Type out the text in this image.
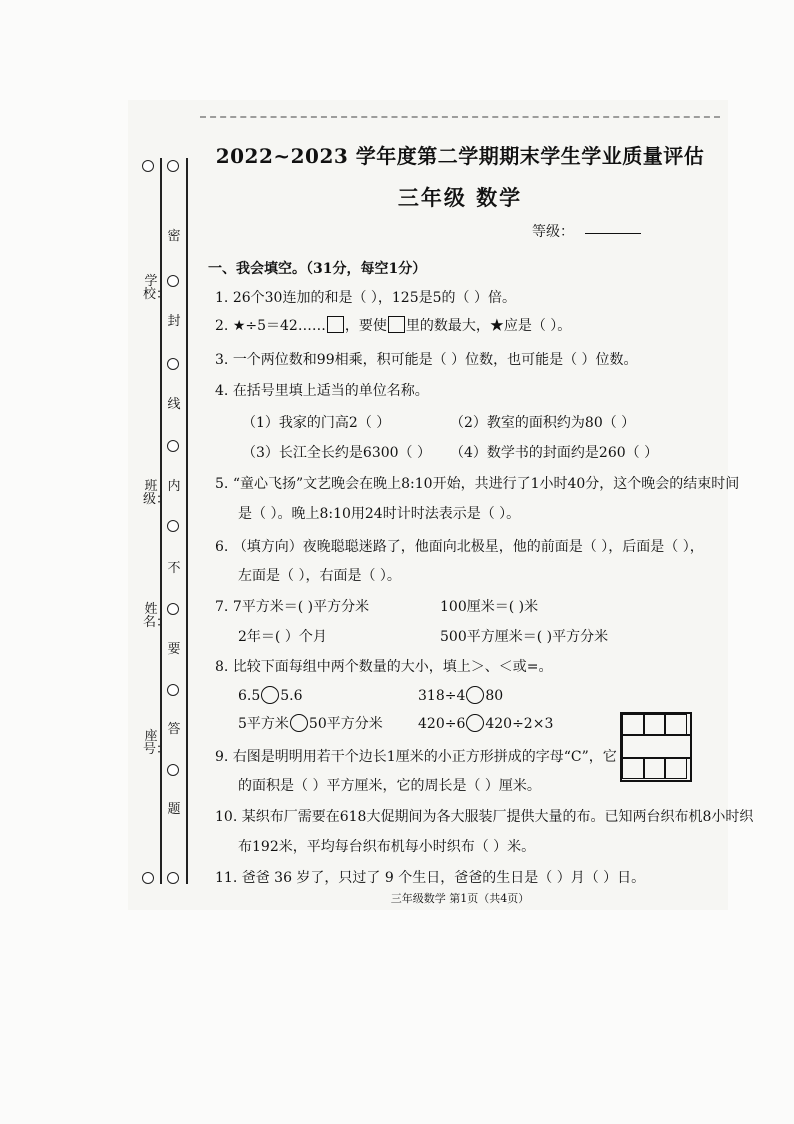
密
封
线
内
不
要
答
题
学校：
班级：
姓名：
座号：
2022~2023 学年度第二学期期末学生学业质量评估
三年级 数学
等级：
一、我会填空。（31分，每空1分）
1. 26个30连加的和是（ ），125是5的（ ）倍。
2. ★÷5＝42…… ，要使 里的数最大，★应是（ ）。
3. 一个两位数和99相乘，积可能是（ ）位数，也可能是（ ）位数。
4. 在括号里填上适当的单位名称。
（1）我家的门高2（ ）	（2）教室的面积约为80（ ）
（3）长江全长约是6300（ ） （4）数学书的封面约是260（ ）
5. “童心飞扬”文艺晚会在晚上8:10开始，共进行了1小时40分，这个晚会的结束时间
是（ ）。晚上8:10用24时计时法表示是（ ）。
6. （填方向）夜晚聪聪迷路了，他面向北极星，他的前面是（ ），后面是（ ），
左面是（ ），右面是（ ）。
7. 7平方米＝( )平方分米	100厘米＝( )米
2年＝( ）个月	500平方厘米＝( )平方分米
8. 比较下面每组中两个数量的大小，填上＞、＜或=。
6.5 5.6	318÷4 80
5平方米 50平方分米	420÷6 420÷2×3
9. 右图是明明用若干个边长1厘米的小正方形拼成的字母“C”，它
的面积是（ ）平方厘米，它的周长是（ ）厘米。
10. 某织布厂需要在618大促期间为各大服装厂提供大量的布。已知两台织布机8小时织
布192米，平均每台织布机每小时织布（ ）米。
11. 爸爸 36 岁了，只过了 9 个生日，爸爸的生日是（ ）月（ ）日。
三年级数学 第1页（共4页）
